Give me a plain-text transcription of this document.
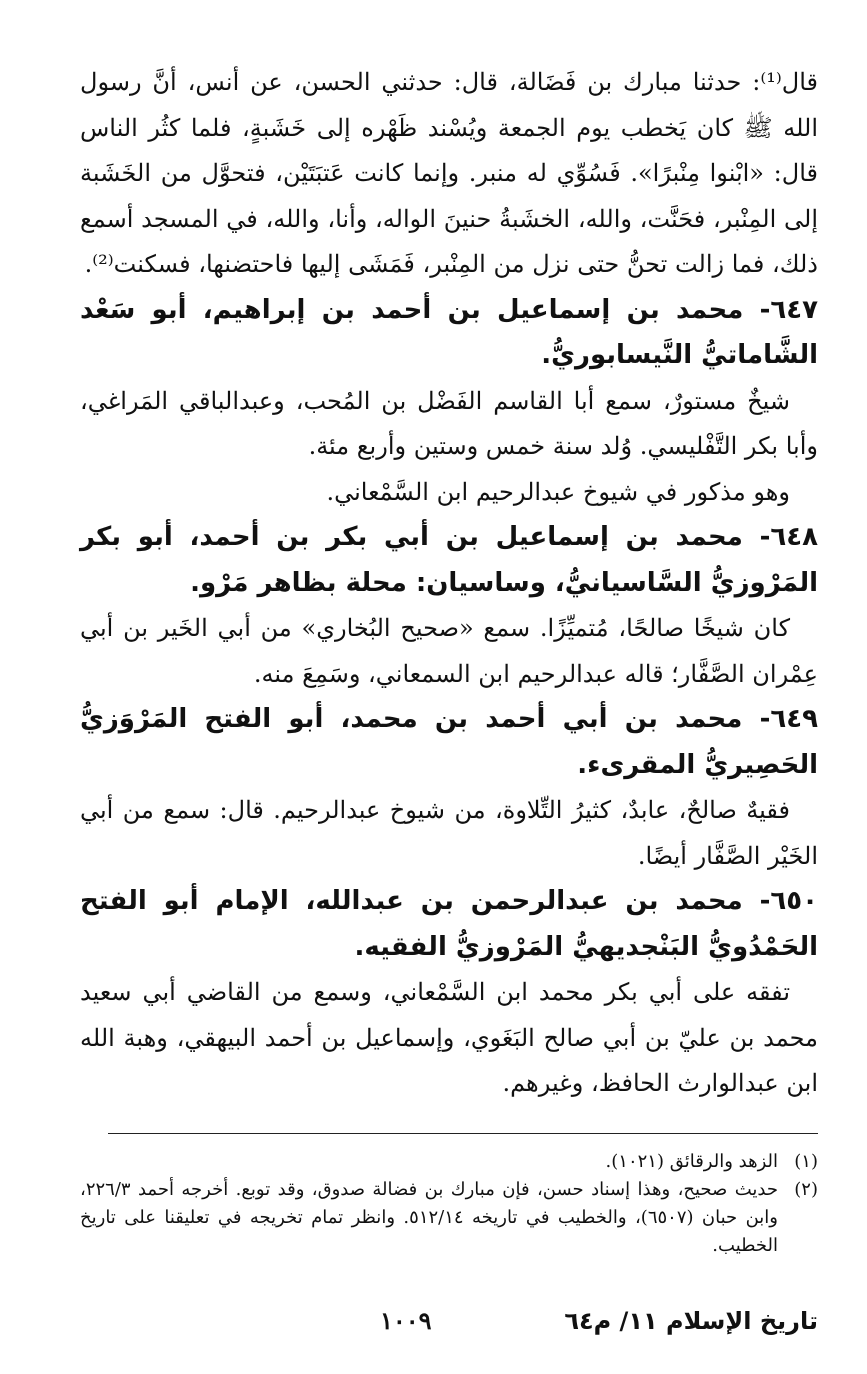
قال⁽¹⁾: حدثنا مبارك بن فَضَالة، قال: حدثني الحسن، عن أنس، أنَّ رسول الله ﷺ كان يَخطب يوم الجمعة ويُسْند ظَهْره إلى خَشَبةٍ، فلما كثُر الناس قال: «ابْنوا مِنْبرًا». فَسُوِّي له منبر. وإنما كانت عَتبَتَيْن، فتحوَّل من الخَشَبة إلى المِنْبر، فحَنَّت، والله، الخشَبةُ حنينَ الواله، وأنا، والله، في المسجد أسمع ذلك، فما زالت تحنُّ حتى نزل من المِنْبر، فَمَشَى إليها فاحتضنها، فسكنت⁽²⁾.

٦٤٧- محمد بن إسماعيل بن أحمد بن إبراهيم، أبو سَعْد الشَّاماتيُّ النَّيسابوريُّ.

شيخٌ مستورٌ، سمع أبا القاسم الفَضْل بن المُحب، وعبدالباقي المَراغي، وأبا بكر التَّفْليسي. وُلد سنة خمس وستين وأربع مئة.

وهو مذكور في شيوخ عبدالرحيم ابن السَّمْعاني.

٦٤٨- محمد بن إسماعيل بن أبي بكر بن أحمد، أبو بكر المَرْوزيُّ السَّاسيانيُّ، وساسيان: محلة بظاهر مَرْو.

كان شيخًا صالحًا، مُتميِّزًا. سمع «صحيح البُخاري» من أبي الخَير بن أبي عِمْران الصَّفَّار؛ قاله عبدالرحيم ابن السمعاني، وسَمِعَ منه.

٦٤٩- محمد بن أبي أحمد بن محمد، أبو الفتح المَرْوَزيُّ الحَصِيريُّ المقرىء.

فقيهٌ صالحٌ، عابدٌ، كثيرُ التِّلاوة، من شيوخ عبدالرحيم. قال: سمع من أبي الخَيْر الصَّفَّار أيضًا.

٦٥٠- محمد بن عبدالرحمن بن عبدالله، الإمام أبو الفتح الحَمْدُويُّ البَنْجديهيُّ المَرْوزيُّ الفقيه.

تفقه على أبي بكر محمد ابن السَّمْعاني، وسمع من القاضي أبي سعيد محمد بن عليّ بن أبي صالح البَغَوي، وإسماعيل بن أحمد البيهقي، وهبة الله ابن عبدالوارث الحافظ، وغيرهم.

(١)
الزهد والرقائق (١٠٢١).
(٢)
حديث صحيح، وهذا إسناد حسن، فإن مبارك بن فضالة صدوق، وقد توبع. أخرجه أحمد ٢٢٦/٣، وابن حبان (٦٥٠٧)، والخطيب في تاريخه ٥١٢/١٤. وانظر تمام تخريجه في تعليقنا على تاريخ الخطيب.
تاريخ الإسلام ١١/ م٦٤
١٠٠٩
